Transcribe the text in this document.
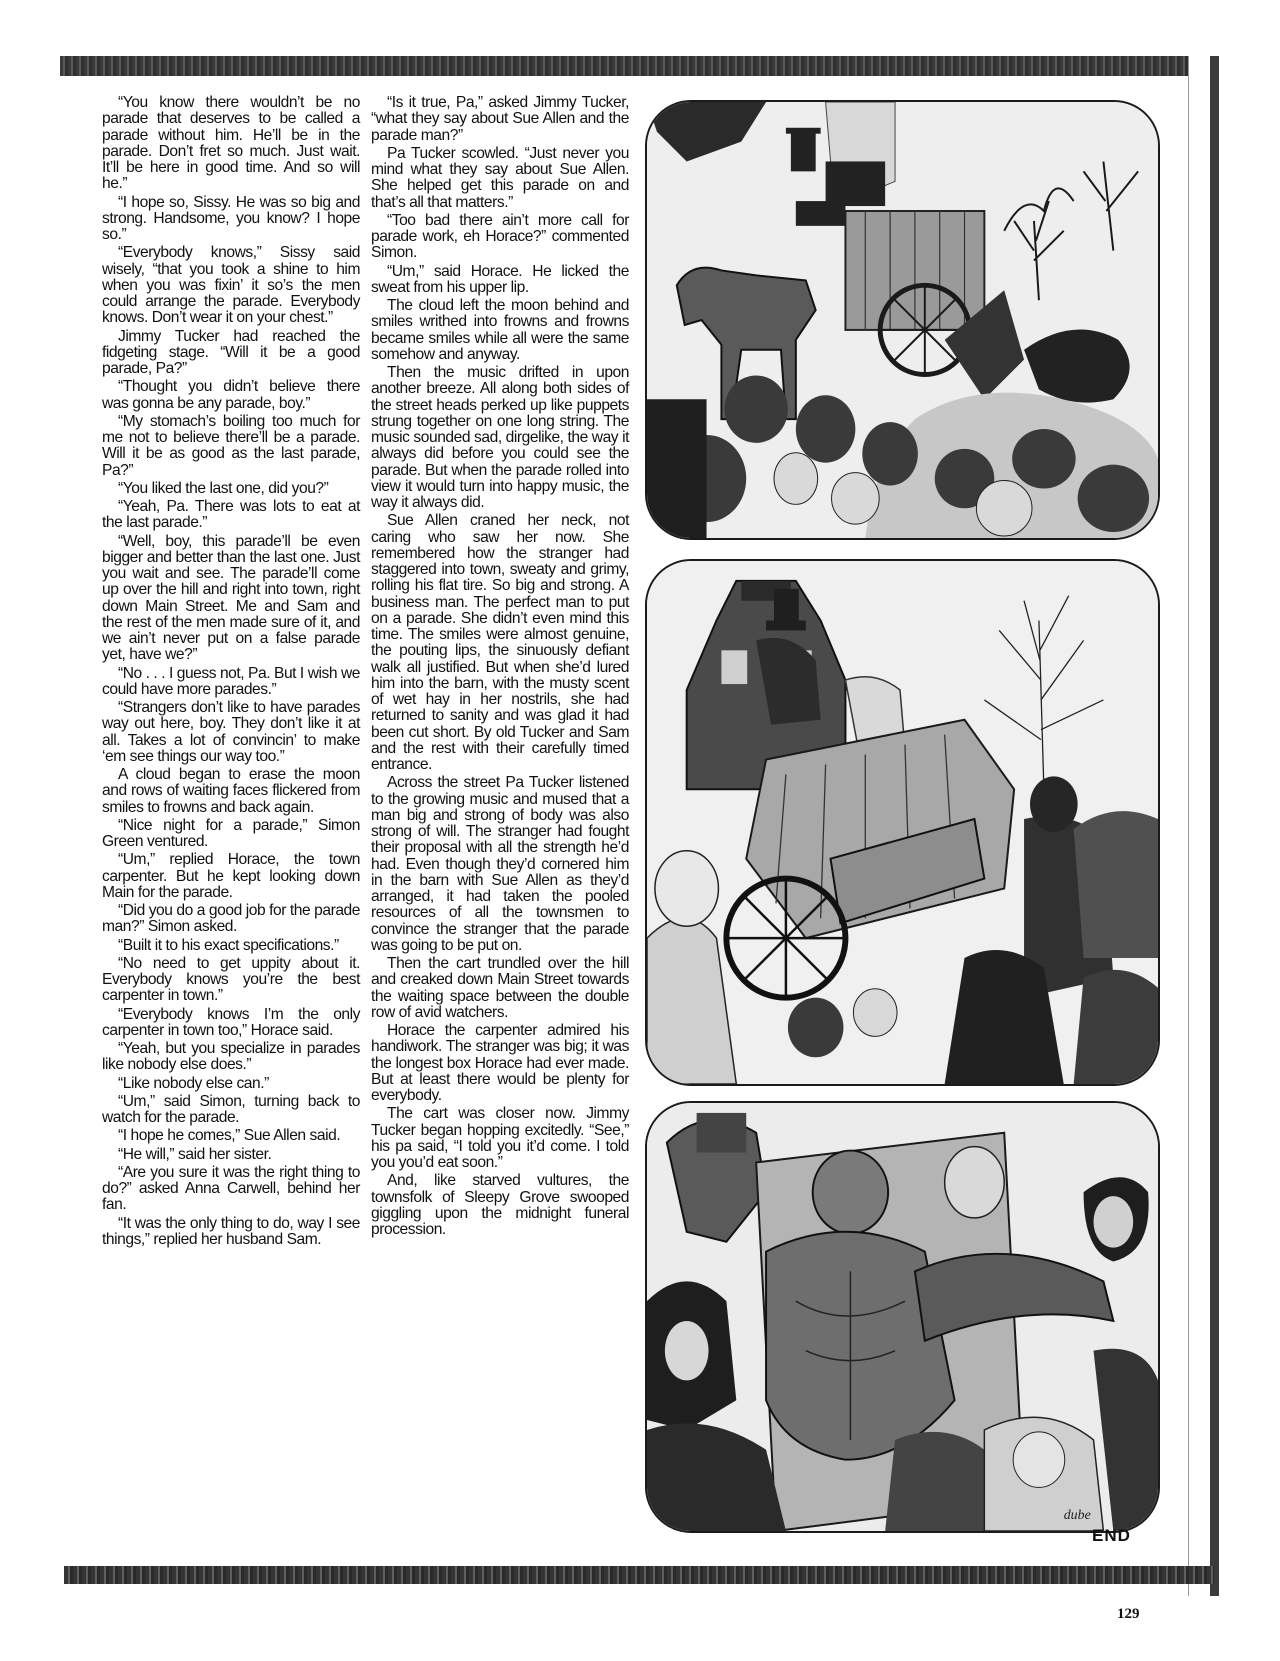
“You know there wouldn’t be no parade that deserves to be called a parade without him. He’ll be in the parade. Don’t fret so much. Just wait. It’ll be here in good time. And so will he.”

“I hope so, Sissy. He was so big and strong. Handsome, you know? I hope so.”

“Everybody knows,” Sissy said wisely, “that you took a shine to him when you was fixin’ it so’s the men could arrange the parade. Everybody knows. Don’t wear it on your chest.”

Jimmy Tucker had reached the fidgeting stage. “Will it be a good parade, Pa?”

“Thought you didn’t believe there was gonna be any parade, boy.”

“My stomach’s boiling too much for me not to believe there’ll be a parade. Will it be as good as the last parade, Pa?”

“You liked the last one, did you?”

“Yeah, Pa. There was lots to eat at the last parade.”

“Well, boy, this parade’ll be even bigger and better than the last one. Just you wait and see. The parade’ll come up over the hill and right into town, right down Main Street. Me and Sam and the rest of the men made sure of it, and we ain’t never put on a false parade yet, have we?”

“No . . . I guess not, Pa. But I wish we could have more parades.”

“Strangers don’t like to have parades way out here, boy. They don’t like it at all. Takes a lot of convincin’ to make ‘em see things our way too.”

A cloud began to erase the moon and rows of waiting faces flickered from smiles to frowns and back again.

“Nice night for a parade,” Simon Green ventured.

“Um,” replied Horace, the town carpenter. But he kept looking down Main for the parade.

“Did you do a good job for the parade man?” Simon asked.

“Built it to his exact specifications.”

“No need to get uppity about it. Everybody knows you’re the best carpenter in town.”

“Everybody knows I’m the only carpenter in town too,” Horace said.

“Yeah, but you specialize in parades like nobody else does.”

“Like nobody else can.”

“Um,” said Simon, turning back to watch for the parade.

“I hope he comes,” Sue Allen said.

“He will,” said her sister.

“Are you sure it was the right thing to do?” asked Anna Carwell, behind her fan.

“It was the only thing to do, way I see things,” replied her husband Sam.

“Is it true, Pa,” asked Jimmy Tucker, “what they say about Sue Allen and the parade man?”

Pa Tucker scowled. “Just never you mind what they say about Sue Allen. She helped get this parade on and that’s all that matters.”

“Too bad there ain’t more call for parade work, eh Horace?” commented Simon.

“Um,” said Horace. He licked the sweat from his upper lip.

The cloud left the moon behind and smiles writhed into frowns and frowns became smiles while all were the same somehow and anyway.

Then the music drifted in upon another breeze. All along both sides of the street heads perked up like puppets strung together on one long string. The music sounded sad, dirgelike, the way it always did before you could see the parade. But when the parade rolled into view it would turn into happy music, the way it always did.

Sue Allen craned her neck, not caring who saw her now. She remembered how the stranger had staggered into town, sweaty and grimy, rolling his flat tire. So big and strong. A business man. The perfect man to put on a parade. She didn’t even mind this time. The smiles were almost genuine, the pouting lips, the sinuously defiant walk all justified. But when she’d lured him into the barn, with the musty scent of wet hay in her nostrils, she had returned to sanity and was glad it had been cut short. By old Tucker and Sam and the rest with their carefully timed entrance.

Across the street Pa Tucker listened to the growing music and mused that a man big and strong of body was also strong of will. The stranger had fought their proposal with all the strength he’d had. Even though they’d cornered him in the barn with Sue Allen as they’d arranged, it had taken the pooled resources of all the townsmen to convince the stranger that the parade was going to be put on.

Then the cart trundled over the hill and creaked down Main Street towards the waiting space between the double row of avid watchers.

Horace the carpenter admired his handiwork. The stranger was big; it was the longest box Horace had ever made. But at least there would be plenty for everybody.

The cart was closer now. Jimmy Tucker began hopping excitedly. “See,” his pa said, “I told you it’d come. I told you you’d eat soon.”

And, like starved vultures, the townsfolk of Sleepy Grove swooped giggling upon the midnight funeral procession.

dube
END
129
